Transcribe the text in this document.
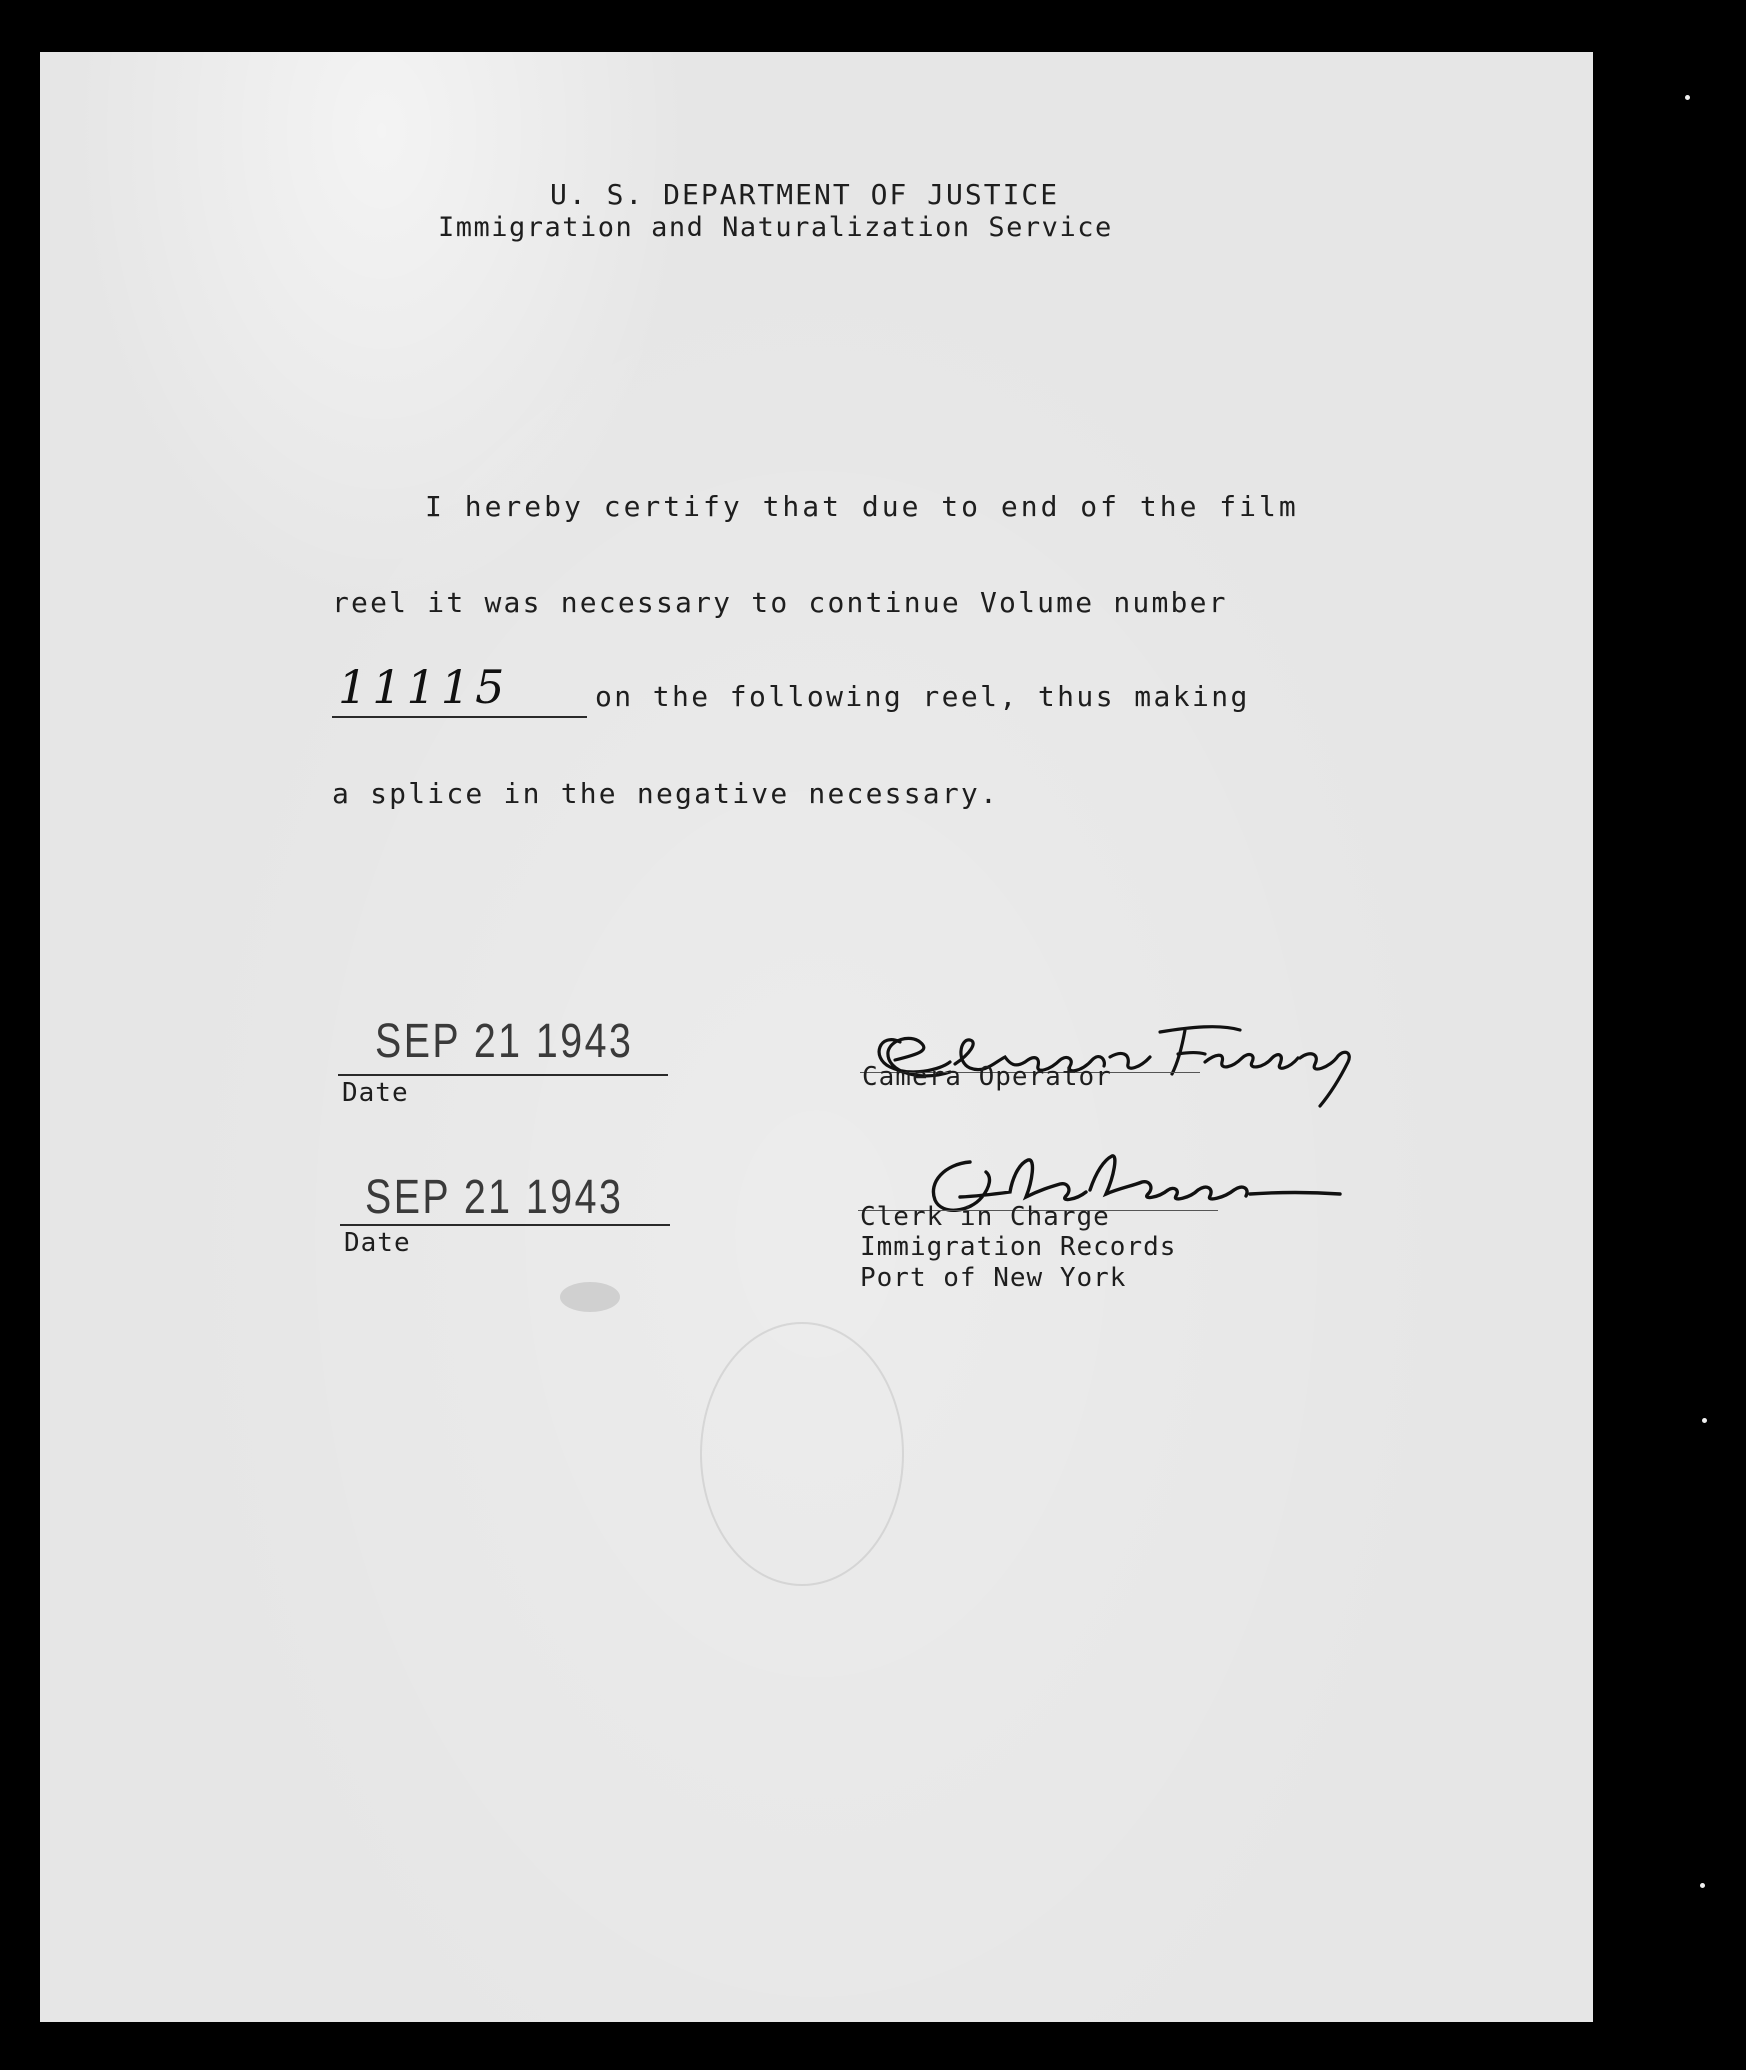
U. S. DEPARTMENT OF JUSTICE
Immigration and Naturalization Service
I hereby certify that due to end of the film
reel it was necessary to continue Volume number
11115	on the following reel, thus making
a splice in the negative necessary.
SEP 21 1943
Date
Camera Operator
SEP 21 1943
Date
Clerk in Charge
Immigration Records
Port of New York
